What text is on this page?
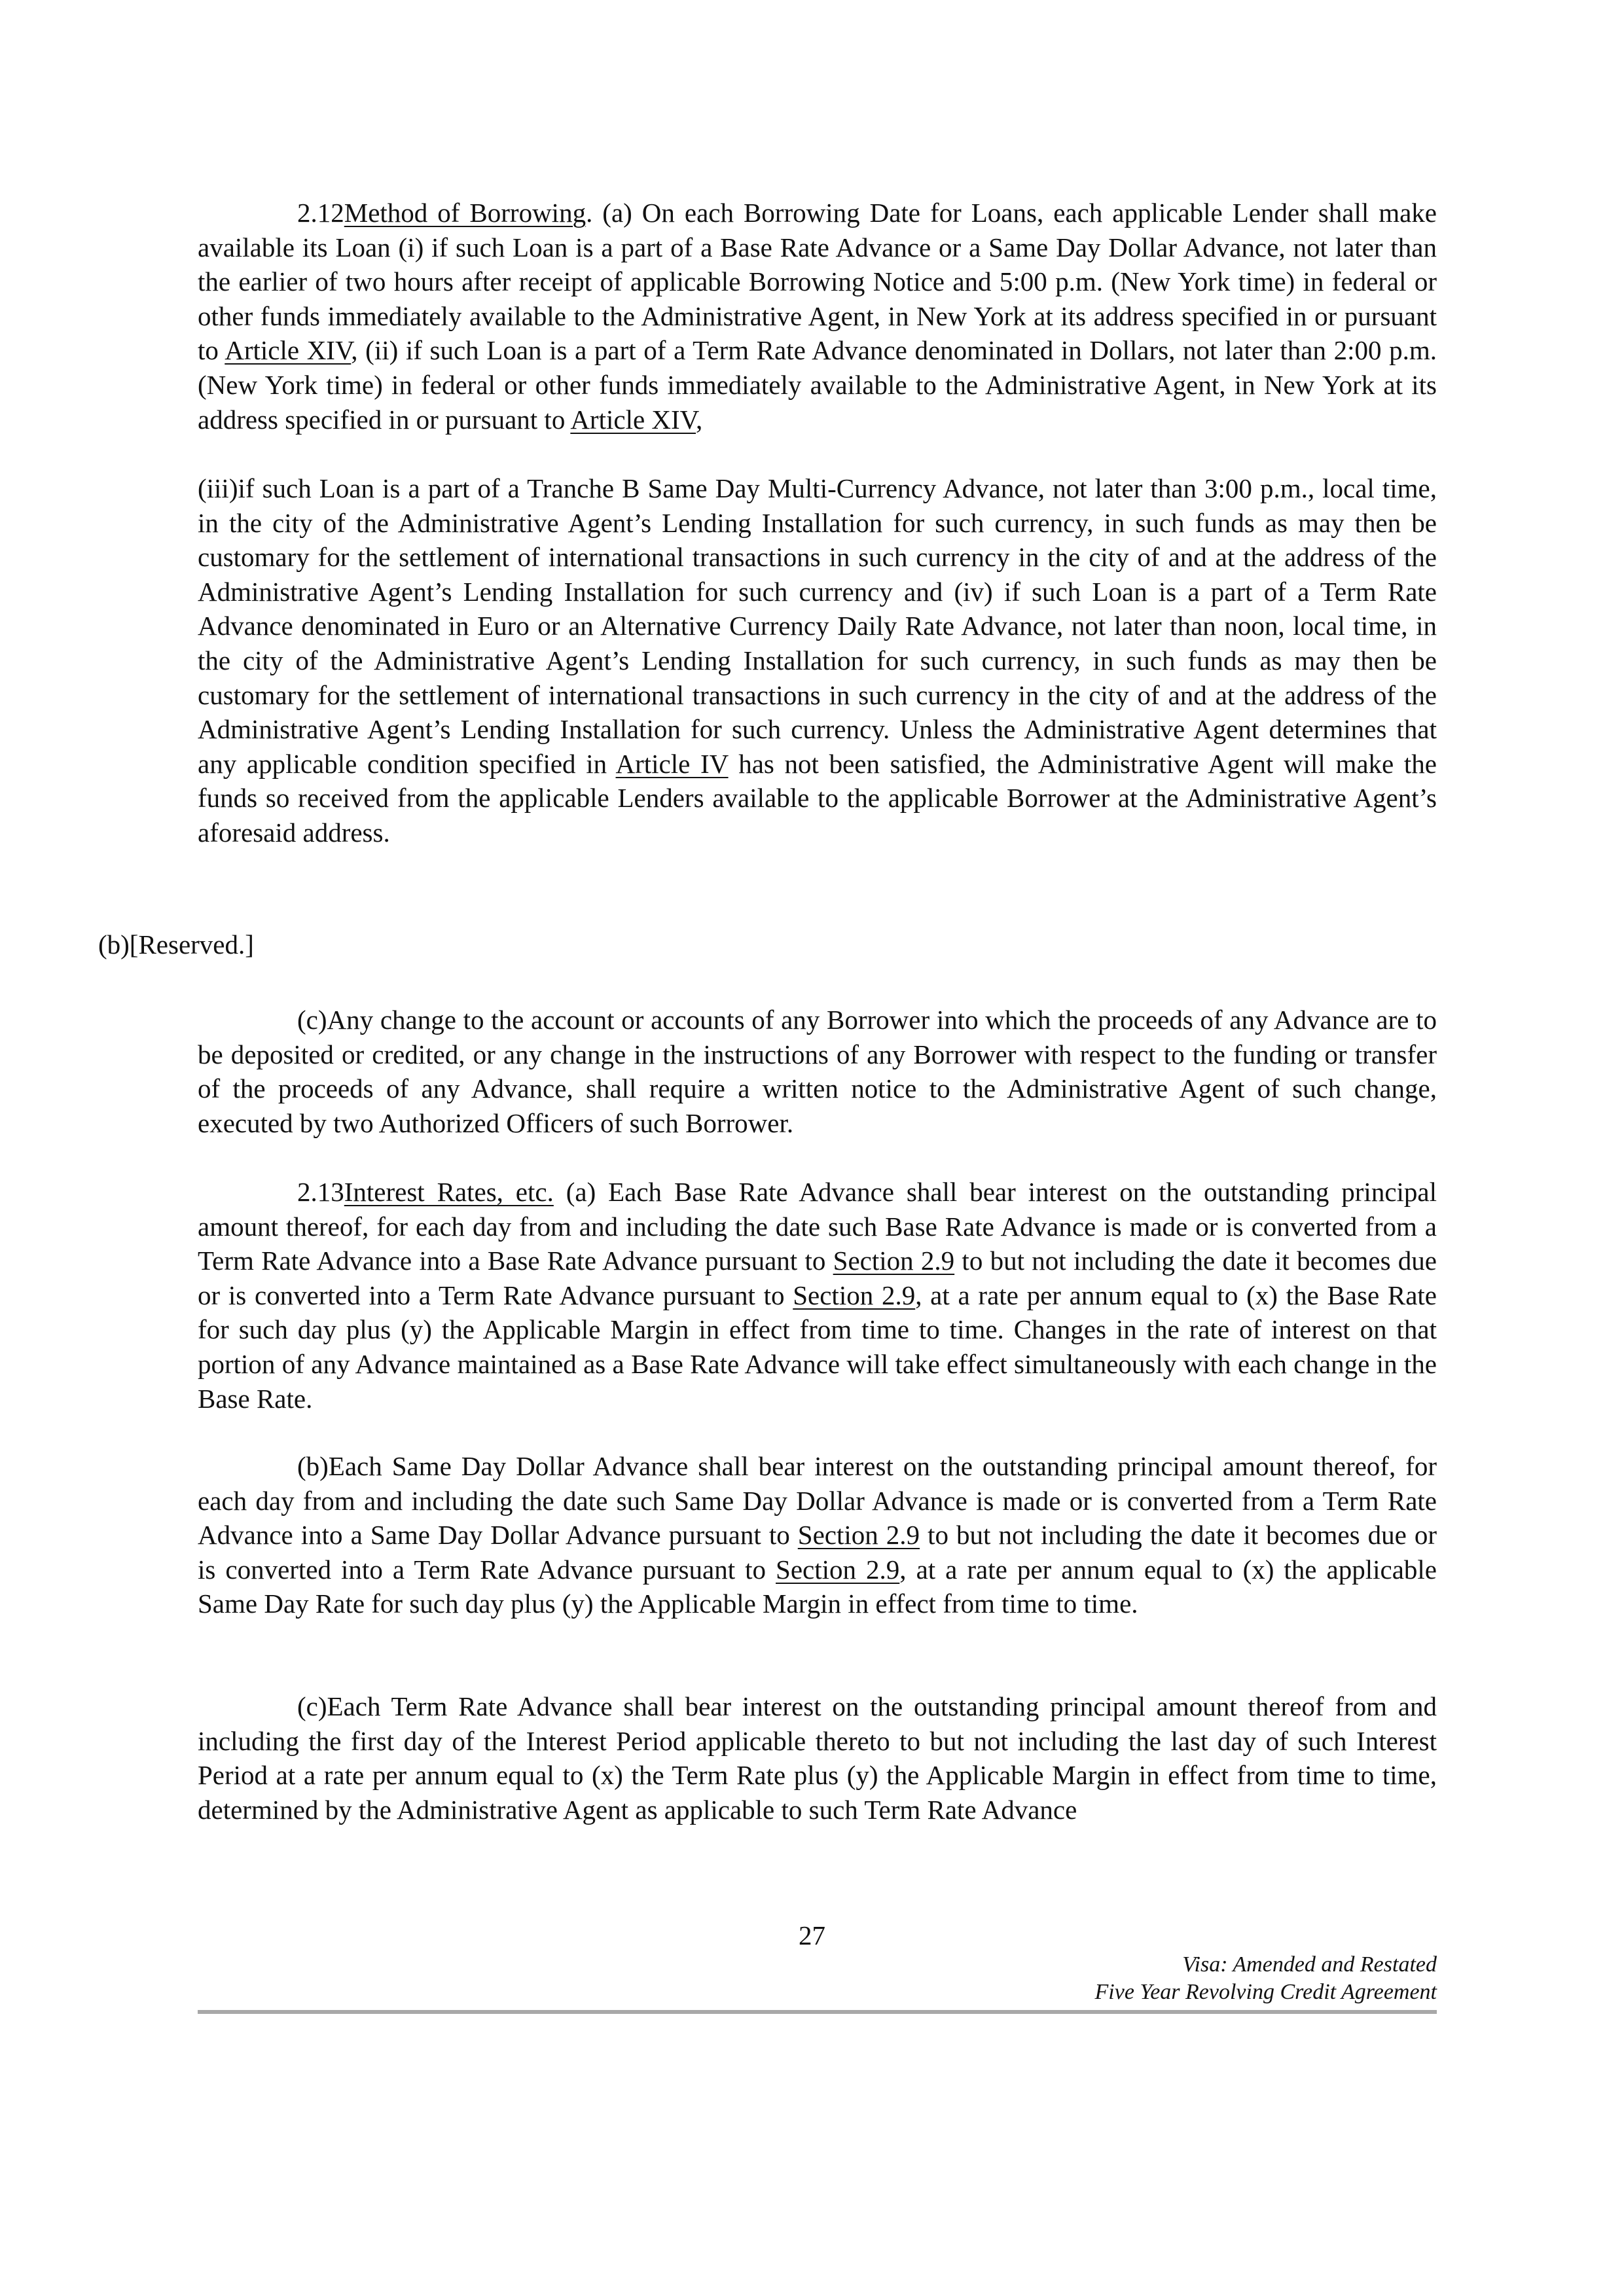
2.12Method of Borrowing. (a) On each Borrowing Date for Loans, each applicable Lender shall make available its Loan (i) if such Loan is a part of a Base Rate Advance or a Same Day Dollar Advance, not later than the earlier of two hours after receipt of applicable Borrowing Notice and 5:00 p.m. (New York time) in federal or other funds immediately available to the Administrative Agent, in New York at its address specified in or pursuant to Article XIV, (ii) if such Loan is a part of a Term Rate Advance denominated in Dollars, not later than 2:00 p.m. (New York time) in federal or other funds immediately available to the Administrative Agent, in New York at its address specified in or pursuant to Article XIV,

(iii)if such Loan is a part of a Tranche B Same Day Multi-Currency Advance, not later than 3:00 p.m., local time, in the city of the Administrative Agent’s Lending Installation for such currency, in such funds as may then be customary for the settlement of international transactions in such currency in the city of and at the address of the Administrative Agent’s Lending Installation for such currency and (iv) if such Loan is a part of a Term Rate Advance denominated in Euro or an Alternative Currency Daily Rate Advance, not later than noon, local time, in the city of the Administrative Agent’s Lending Installation for such currency, in such funds as may then be customary for the settlement of international transactions in such currency in the city of and at the address of the Administrative Agent’s Lending Installation for such currency. Unless the Administrative Agent determines that any applicable condition specified in Article IV has not been satisfied, the Administrative Agent will make the funds so received from the applicable Lenders available to the applicable Borrower at the Administrative Agent’s aforesaid address.

(b)[Reserved.]

(c)Any change to the account or accounts of any Borrower into which the proceeds of any Advance are to be deposited or credited, or any change in the instructions of any Borrower with respect to the funding or transfer of the proceeds of any Advance, shall require a written notice to the Administrative Agent of such change, executed by two Authorized Officers of such Borrower.

2.13Interest Rates, etc. (a) Each Base Rate Advance shall bear interest on the outstanding principal amount thereof, for each day from and including the date such Base Rate Advance is made or is converted from a Term Rate Advance into a Base Rate Advance pursuant to Section 2.9 to but not including the date it becomes due or is converted into a Term Rate Advance pursuant to Section 2.9, at a rate per annum equal to (x) the Base Rate for such day plus (y) the Applicable Margin in effect from time to time. Changes in the rate of interest on that portion of any Advance maintained as a Base Rate Advance will take effect simultaneously with each change in the Base Rate.

(b)Each Same Day Dollar Advance shall bear interest on the outstanding principal amount thereof, for each day from and including the date such Same Day Dollar Advance is made or is converted from a Term Rate Advance into a Same Day Dollar Advance pursuant to Section 2.9 to but not including the date it becomes due or is converted into a Term Rate Advance pursuant to Section 2.9, at a rate per annum equal to (x) the applicable Same Day Rate for such day plus (y) the Applicable Margin in effect from time to time.

(c)Each Term Rate Advance shall bear interest on the outstanding principal amount thereof from and including the first day of the Interest Period applicable thereto to but not including the last day of such Interest Period at a rate per annum equal to (x) the Term Rate plus (y) the Applicable Margin in effect from time to time, determined by the Administrative Agent as applicable to such Term Rate Advance

27
Visa: Amended and Restated
Five Year Revolving Credit Agreement
